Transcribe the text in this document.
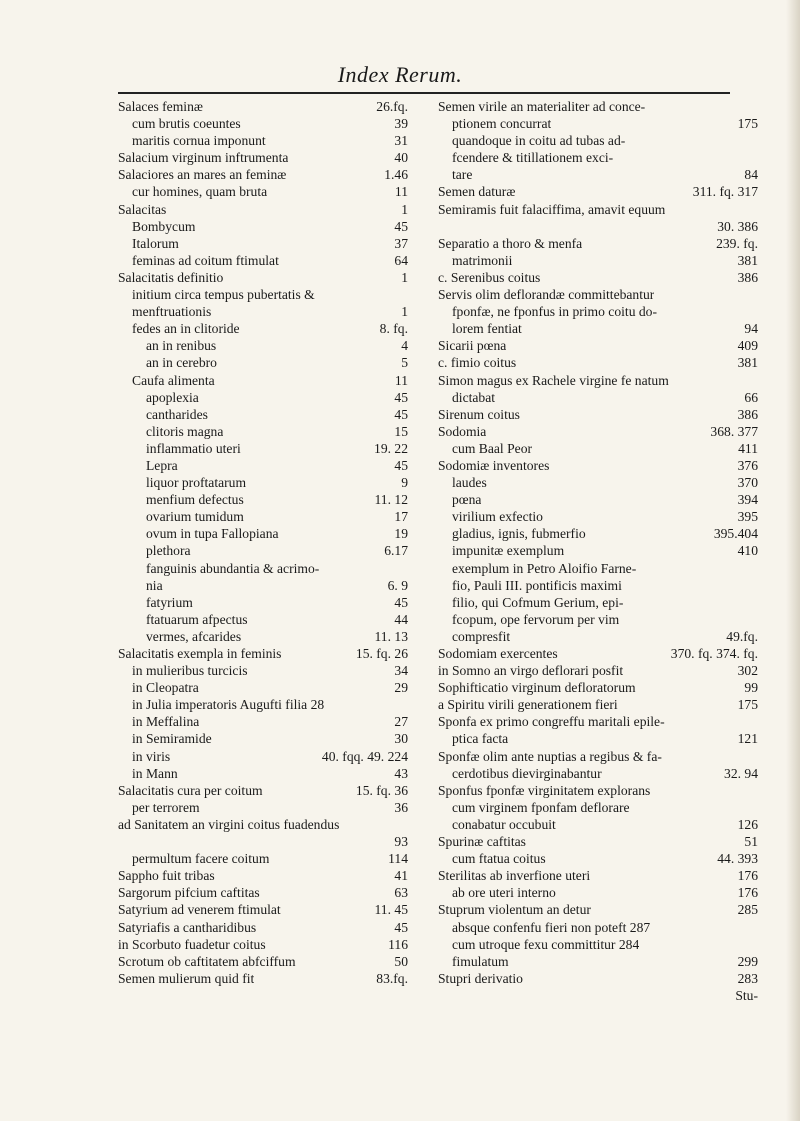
Index Rerum.
Salaces feminæ	26.fq.
cum brutis coeuntes	39
maritis cornua imponunt	31
Salacium virginum inftrumenta	40
Salaciores an mares an feminæ	1.46
cur homines, quam bruta	11
Salacitas	1
Bombycum	45
Italorum	37
feminas ad coitum ftimulat	64
Salacitatis definitio	1
initium circa tempus pubertatis &
menftruationis	1
fedes an in clitoride	8. fq.
an in renibus	4
an in cerebro	5
Caufa alimenta	11
apoplexia	45
cantharides	45
clitoris magna	15
inflammatio uteri	19. 22
Lepra	45
liquor proftatarum	9
menfium defectus	11. 12
ovarium tumidum	17
ovum in tupa Fallopiana	19
plethora	6.17
fanguinis abundantia & acrimo-
nia	6. 9
fatyrium	45
ftatuarum afpectus	44
vermes, afcarides	11. 13
Salacitatis exempla in feminis	15. fq. 26
in mulieribus turcicis	34
in Cleopatra	29
in Julia imperatoris Augufti filia 28
in Meffalina	27
in Semiramide	30
in viris	40. fqq. 49. 224
in Mann	43
Salacitatis cura per coitum	15. fq. 36
per terrorem	36
ad Sanitatem an virgini coitus fuadendus
93
permultum facere coitum	114
Sappho fuit tribas	41
Sargorum pifcium caftitas	63
Satyrium ad venerem ftimulat	11. 45
Satyriafis a cantharidibus	45
in Scorbuto fuadetur coitus	116
Scrotum ob caftitatem abfciffum	50
Semen mulierum quid fit	83.fq.
Semen virile an materialiter ad conce-
ptionem concurrat	175
quandoque in coitu ad tubas ad-
fcendere & titillationem exci-
tare	84
Semen daturæ	311. fq. 317
Semiramis fuit falaciffima, amavit equum
30. 386
Separatio a thoro & menfa	239. fq.
matrimonii	381
c. Serenibus coitus	386
Servis olim deflorandæ committebantur
fponfæ, ne fponfus in primo coitu do-
lorem fentiat	94
Sicarii pœna	409
c. fimio coitus	381
Simon magus ex Rachele virgine fe natum
dictabat	66
Sirenum coitus	386
Sodomia	368. 377
cum Baal Peor	411
Sodomiæ inventores	376
laudes	370
pœna	394
virilium exfectio	395
gladius, ignis, fubmerfio	395.404
impunitæ exemplum	410
exemplum in Petro Aloifio Farne-
fio, Pauli III. pontificis maximi
filio, qui Cofmum Gerium, epi-
fcopum, ope fervorum per vim
compresfit	49.fq.
Sodomiam exercentes	370. fq. 374. fq.
in Somno an virgo deflorari posfit	302
Sophifticatio virginum defloratorum	99
a Spiritu virili generationem fieri	175
Sponfa ex primo congreffu maritali epile-
ptica facta	121
Sponfæ olim ante nuptias a regibus & fa-
cerdotibus dievirginabantur	32. 94
Sponfus fponfæ virginitatem explorans
cum virginem fponfam deflorare
conabatur occubuit	126
Spurinæ caftitas	51
cum ftatua coitus	44. 393
Sterilitas ab inverfione uteri	176
ab ore uteri interno	176
Stuprum violentum an detur	285
absque confenfu fieri non poteft 287
cum utroque fexu committitur 284
fimulatum	299
Stupri derivatio	283
Stu-
